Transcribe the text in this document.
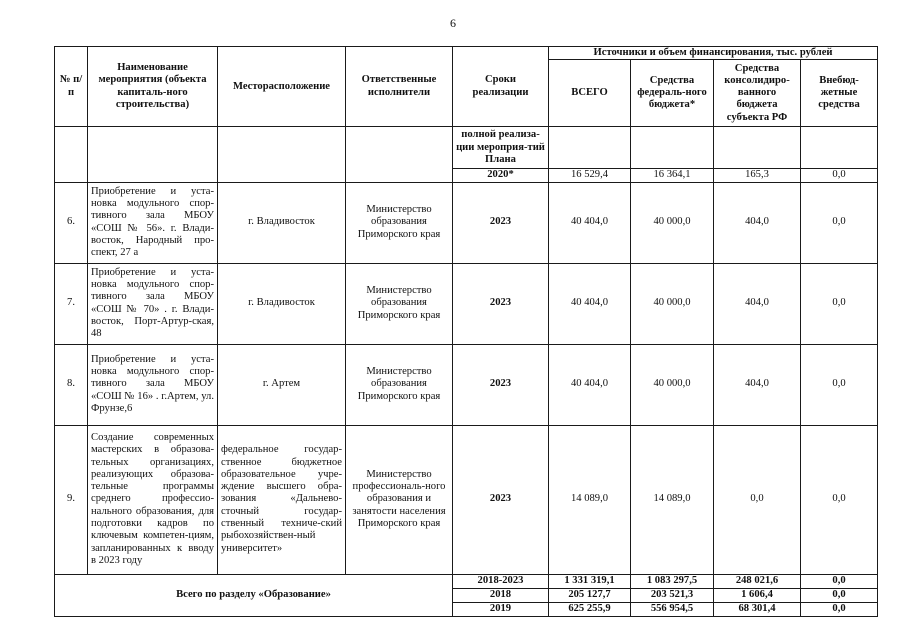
6
№ п/п	Наименование мероприятия (объекта капиталь-ного строительства)	Месторасположение	Ответственные исполнители	Сроки реализации	Источники и объем финансирования, тыс. рублей			
					ВСЕГО	Средства федераль-ного бюджета*	Средства консолидиро-ванного бюджета субъекта РФ	Внебюд-жетные средства
				полной реализа-ции мероприя-тий Плана				
				2020*	16 529,4	16 364,1	165,3	0,0
6.	Приобретение и уста-новка модульного спор-тивного зала МБОУ «СОШ № 56». г. Влади-восток, Народный про-спект, 27 а	г. Владивосток	Министерство образования Приморского края	2023	40 404,0	40 000,0	404,0	0,0
7.	Приобретение и уста-новка модульного спор-тивного зала МБОУ «СОШ № 70» . г. Влади-восток, Порт-Артур-ская, 48	г. Владивосток	Министерство образования Приморского края	2023	40 404,0	40 000,0	404,0	0,0
8.	Приобретение и уста-новка модульного спор-тивного зала МБОУ «СОШ № 16» . г.Артем, ул. Фрунзе,6	г. Артем	Министерство образования Приморского края	2023	40 404,0	40 000,0	404,0	0,0
9.	Создание современных мастерских в образова-тельных организациях, реализующих образова-тельные программы среднего профессио-нального образования, для подготовки кадров по ключевым компетен-циям, запланированных к вводу в 2023 году	федеральное государ-ственное бюджетное образовательное учре-ждение высшего обра-зования «Дальнево-сточный государ-ственный техниче-ский рыбохозяйствен-ный университет»	Министерство профессиональ-ного образования и занятости населения Приморского края	2023	14 089,0	14 089,0	0,0	0,0
Всего по разделу «Образование»				2018-2023	1 331 319,1	1 083 297,5	248 021,6	0,0
				2018	205 127,7	203 521,3	1 606,4	0,0
				2019	625 255,9	556 954,5	68 301,4	0,0
